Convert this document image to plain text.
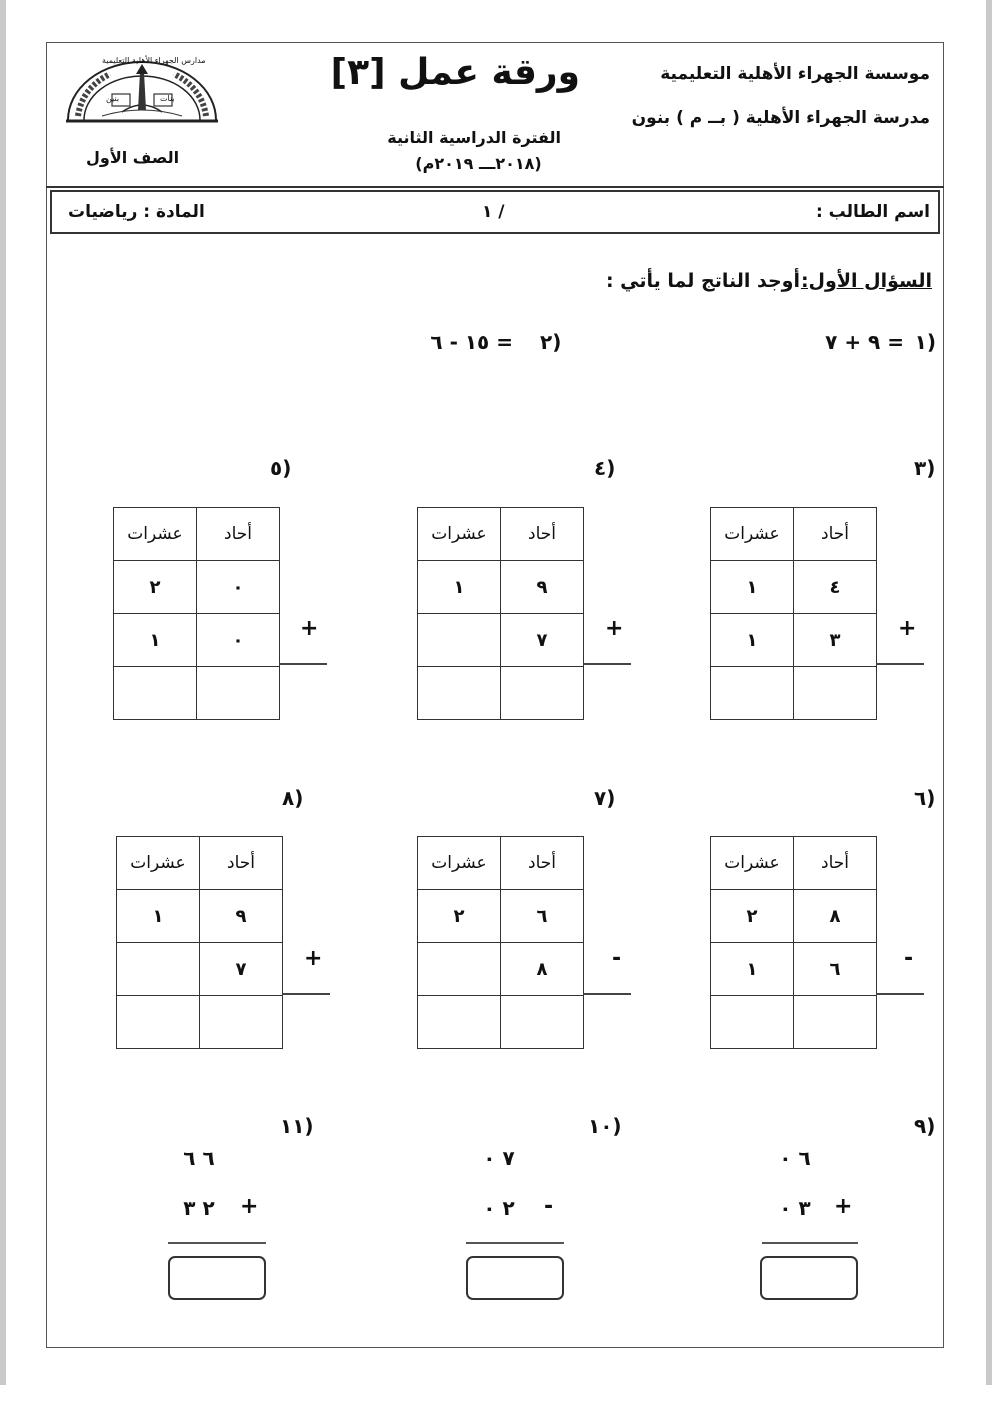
موسسة الجهراء الأهلية التعليمية
مدرسة الجهراء الأهلية ( بــ م ) بنون
ورقة عمل [٣]
الفترة الدراسية الثانية
(٢٠١٨ـــ ٢٠١٩م)
بنين	بنات
مدارس الجهراء الأهلية التعليمية
الصف الأول
اسم الطالب :
١ /
المادة : رياضيات
السؤال الأول:
أوجد الناتج لما يأتي :
١)
٩ + ٧ =
٢)
١٥ - ٦ =
٣)
٤)
٥)
عشرات	أحاد
١	٤
١	٣
		+
عشرات	أحاد
١	٩
	٧
		+
عشرات	أحاد
٢	٠
١	٠
		+
٦)
٧)
٨)
عشرات	أحاد
٢	٨
١	٦
		-
عشرات	أحاد
٢	٦
	٨
		-
عشرات	أحاد
١	٩
	٧
		+
٩)
٦ ٠
٣ ٠	+
١٠)
٧ ٠
٢ ٠	-
١١)
٦ ٦
٢ ٣	+
